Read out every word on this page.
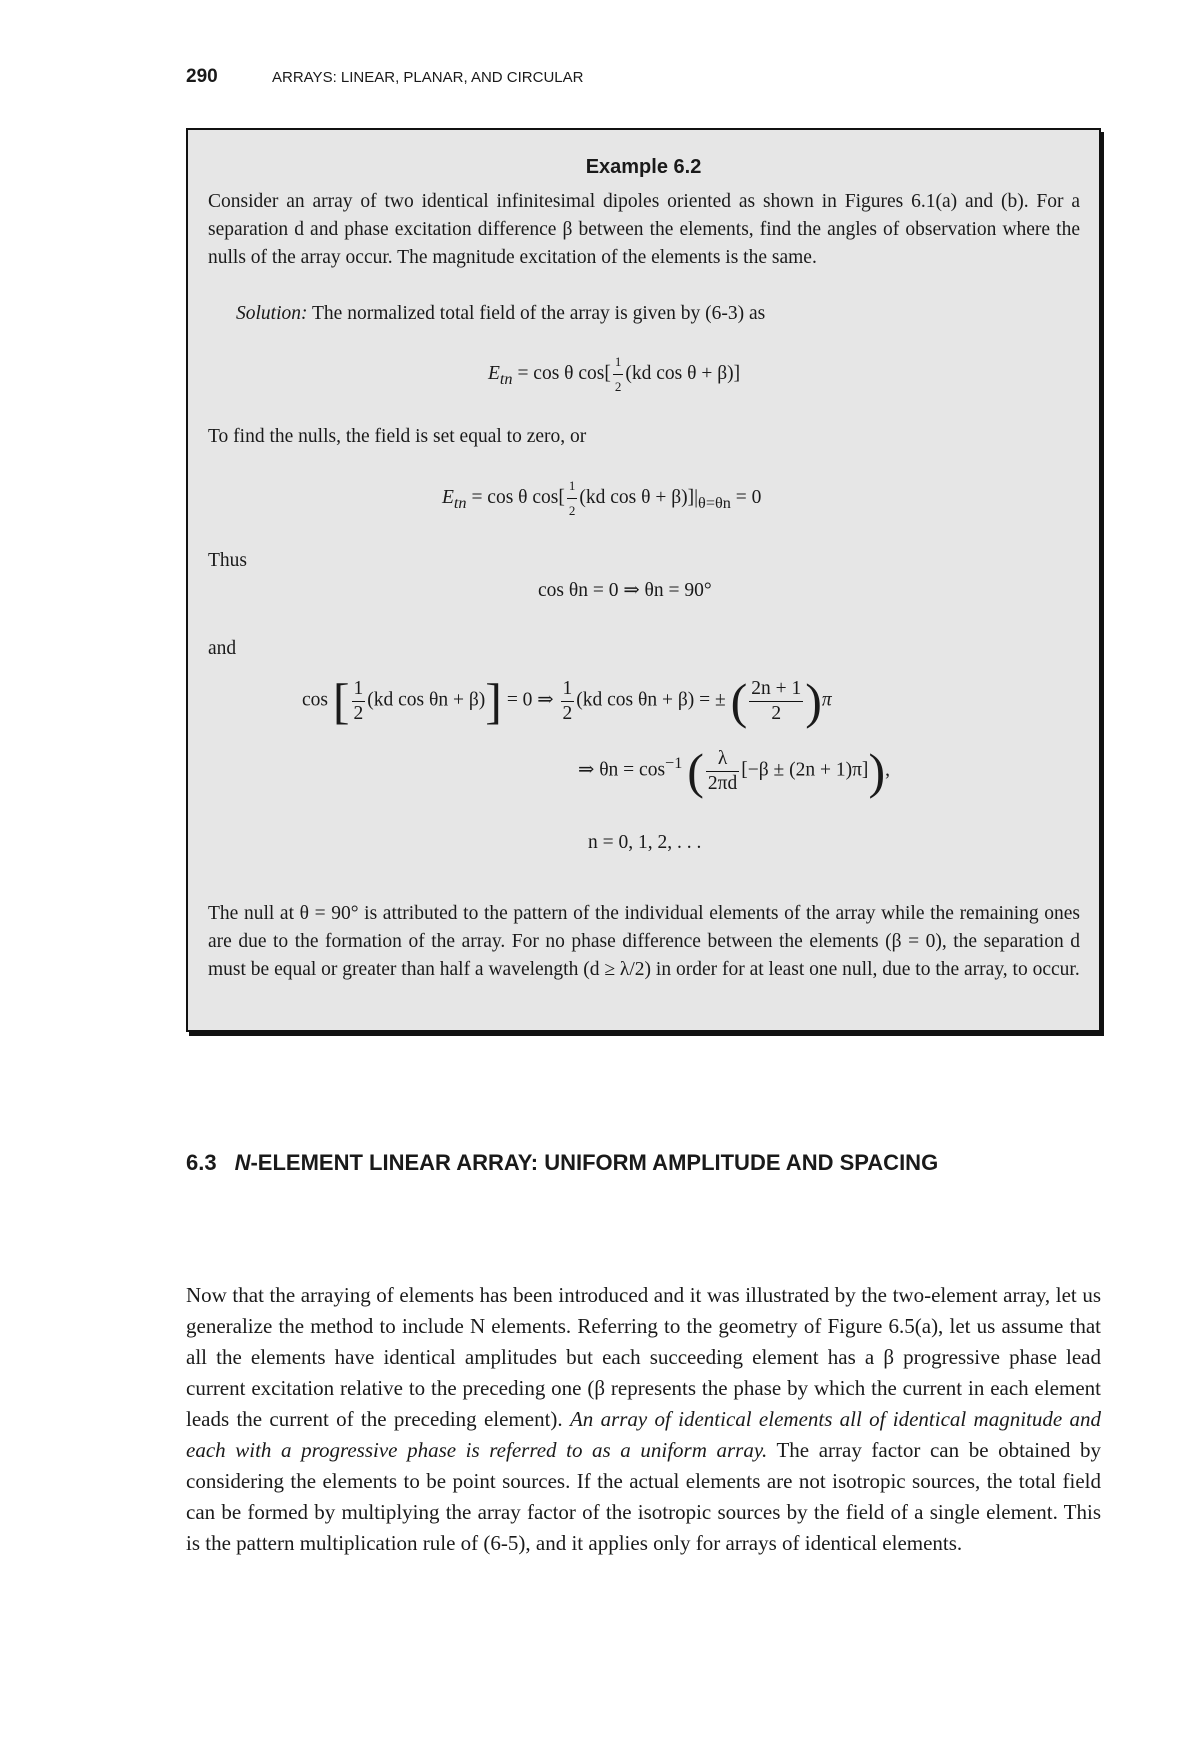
290	ARRAYS: LINEAR, PLANAR, AND CIRCULAR
Example 6.2

Consider an array of two identical infinitesimal dipoles oriented as shown in Figures 6.1(a) and (b). For a separation d and phase excitation difference β between the elements, find the angles of observation where the nulls of the array occur. The magnitude excitation of the elements is the same.

Solution: The normalized total field of the array is given by (6-3) as

$E_{tn} = \cos \theta$ $\cos[ \frac{1}{2} (kd$ cos θ + β)]
To find the nulls, the field is set equal to zero, or
$E_{tn} = \cos \theta$ $\cos[ \frac{1}{2} (kd$ $\cos \theta + \beta)]|_{\theta=\theta n} = 0$
Thus
cos θn = 0 ⇒ θn = 90°
and
cos [ $\frac{1}{2} (kd$ cos θn + β)] = 0 ⇒ $\frac{1}{2} (kd$ cos θn + β) = ± ( $\frac{2n + 1}{2} )\pi$
⇒ $\theta n = \cos^{-1}$ ( $\frac{\lambda}{2\pi d} [-\beta \pm (2n + 1)\pi]$),
n = 0, 1, 2, . . .

The null at θ = 90° is attributed to the pattern of the individual elements of the array while the remaining ones are due to the formation of the array. For no phase difference between the elements (β = 0), the separation d must be equal or greater than half a wavelength (d ≥ λ/2) in order for at least one null, due to the array, to occur.

6.3 N-ELEMENT LINEAR ARRAY: UNIFORM AMPLITUDE AND SPACING

Now that the arraying of elements has been introduced and it was illustrated by the two-element array, let us generalize the method to include N elements. Referring to the geometry of Figure 6.5(a), let us assume that all the elements have identical amplitudes but each succeeding element has a β progressive phase lead current excitation relative to the preceding one (β represents the phase by which the current in each element leads the current of the preceding element). An array of identical elements all of identical magnitude and each with a progressive phase is referred to as a uniform array. The array factor can be obtained by considering the elements to be point sources. If the actual elements are not isotropic sources, the total field can be formed by multiplying the array factor of the isotropic sources by the field of a single element. This is the pattern multiplication rule of (6-5), and it applies only for arrays of identical elements.
